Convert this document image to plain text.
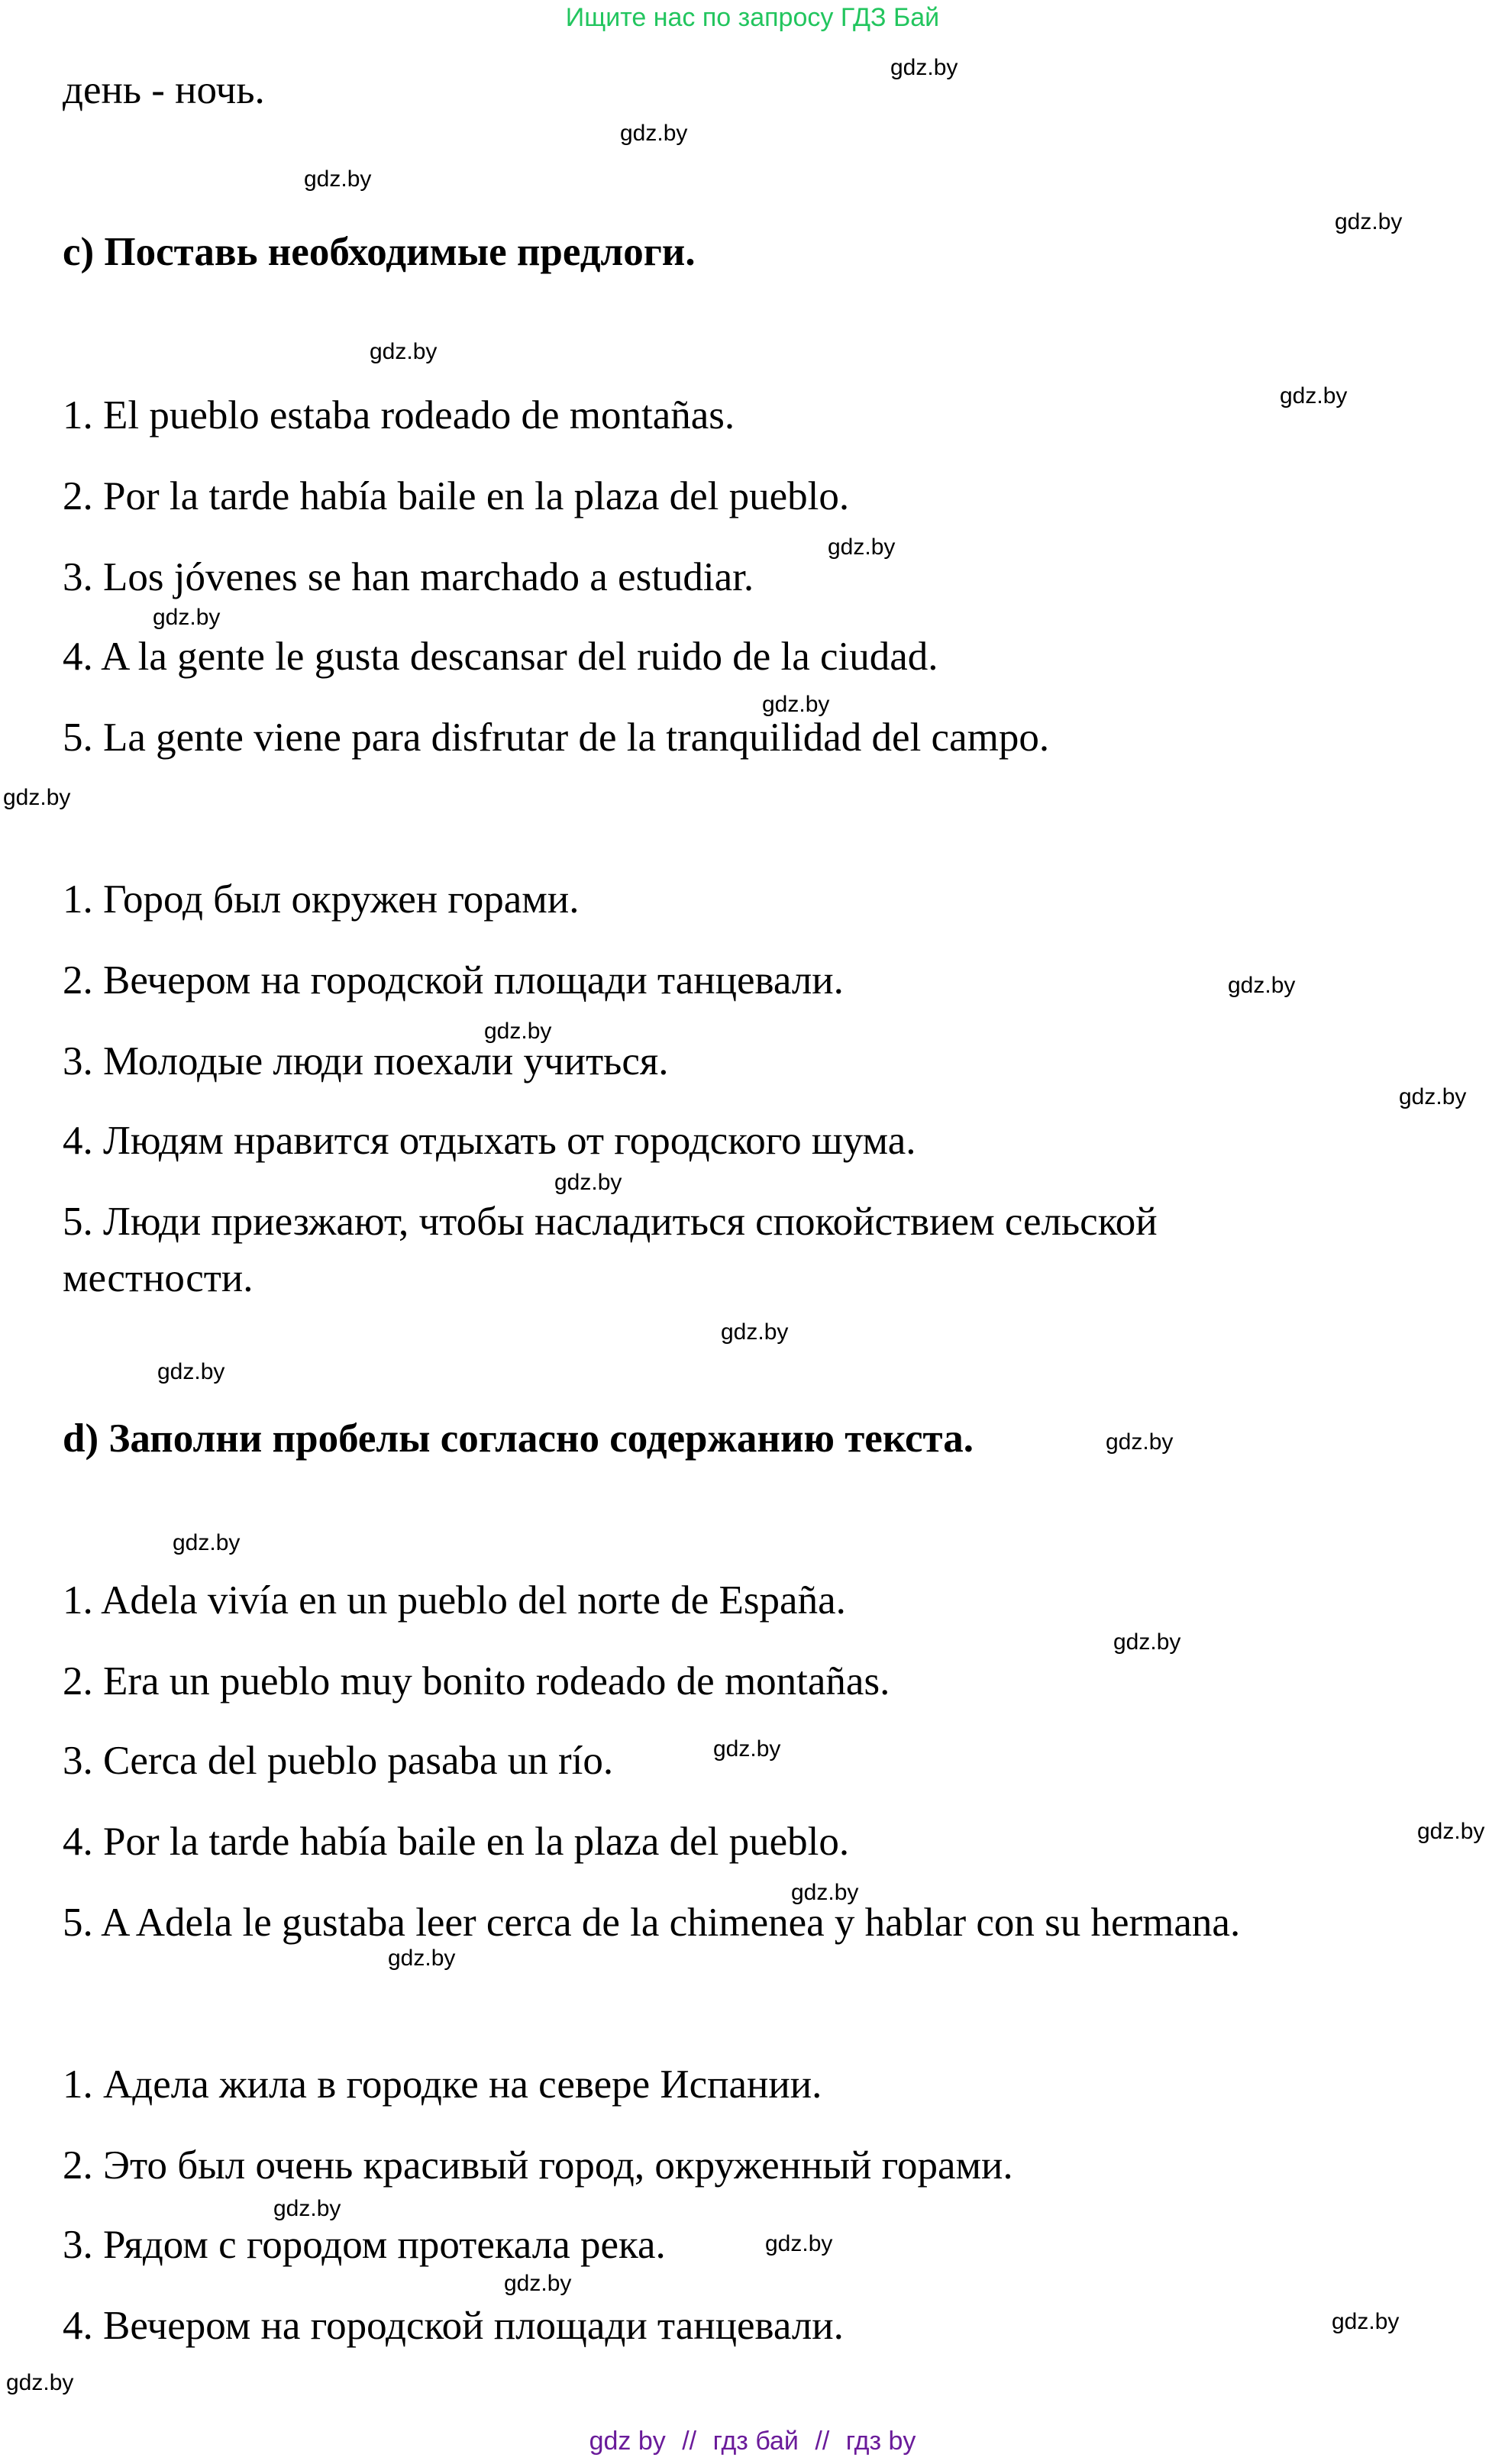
Ищите нас по запросу ГДЗ Бай
день - ночь.
c) Поставь необходимые предлоги.
1. El pueblo estaba rodeado de montañas.
2. Por la tarde había baile en la plaza del pueblo.
3. Los jóvenes se han marchado a estudiar.
4. A la gente le gusta descansar del ruido de la ciudad.
5. La gente viene para disfrutar de la tranquilidad del campo.
1. Город был окружен горами.
2. Вечером на городской площади танцевали.
3. Молодые люди поехали учиться.
4. Людям нравится отдыхать от городского шума.
5. Люди приезжают, чтобы насладиться спокойствием сельской
местности.
d) Заполни пробелы согласно содержанию текста.
1. Adela vivía en un pueblo del norte de España.
2. Era un pueblo muy bonito rodeado de montañas.
3. Cerca del pueblo pasaba un río.
4. Por la tarde había baile en la plaza del pueblo.
5. A Adela le gustaba leer cerca de la chimenea y hablar con su hermana.
1. Адела жила в городке на севере Испании.
2. Это был очень красивый город, окруженный горами.
3. Рядом с городом протекала река.
4. Вечером на городской площади танцевали.
gdz.by
gdz.by
gdz.by
gdz.by
gdz.by
gdz.by
gdz.by
gdz.by
gdz.by
gdz.by
gdz.by
gdz.by
gdz.by
gdz.by
gdz.by
gdz.by
gdz.by
gdz.by
gdz.by
gdz.by
gdz.by
gdz.by
gdz.by
gdz.by
gdz.by
gdz.by
gdz.by
gdz.by
gdz by // гдз бай // гдз by
